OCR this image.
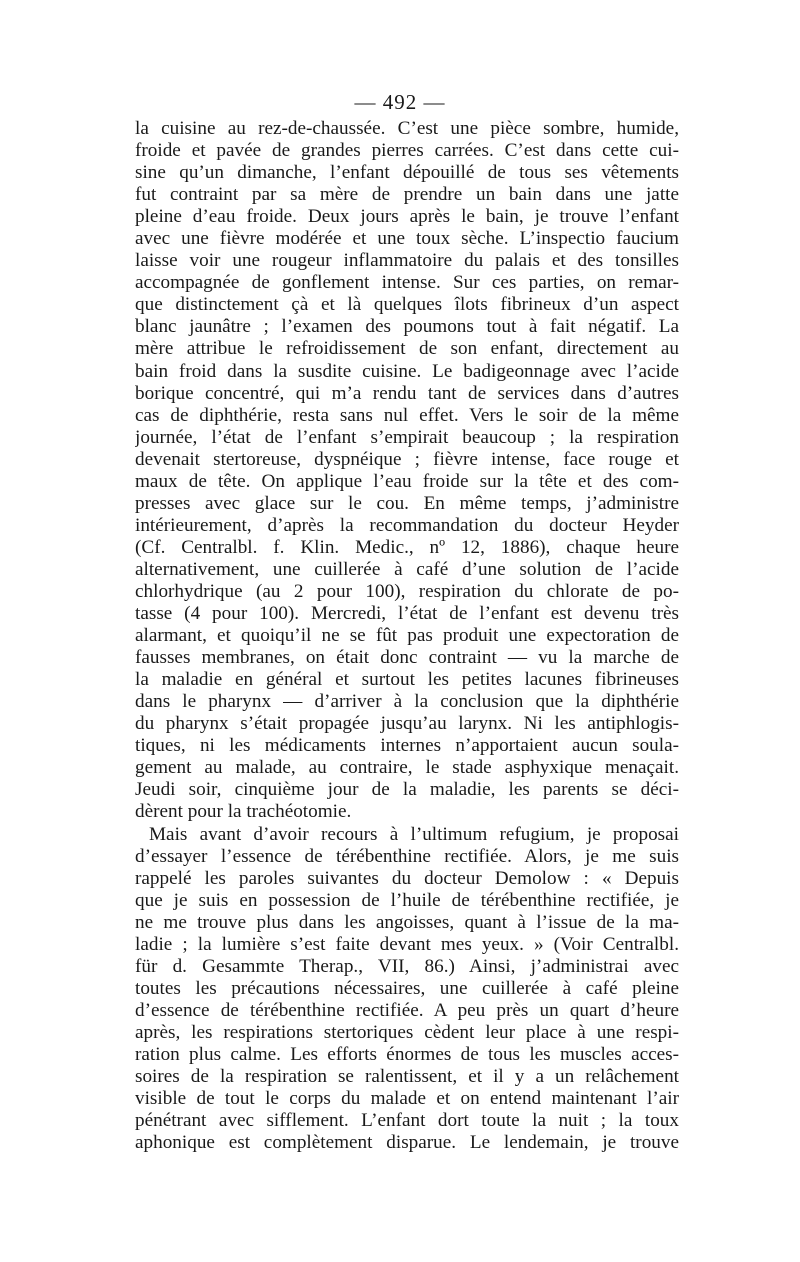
— 492 —
la cuisine au rez-de-chaussée. C’est une pièce sombre, humide,
froide et pavée de grandes pierres carrées. C’est dans cette cui-
sine qu’un dimanche, l’enfant dépouillé de tous ses vêtements
fut contraint par sa mère de prendre un bain dans une jatte
pleine d’eau froide. Deux jours après le bain, je trouve l’enfant
avec une fièvre modérée et une toux sèche. L’inspectio faucium
laisse voir une rougeur inflammatoire du palais et des tonsilles
accompagnée de gonflement intense. Sur ces parties, on remar-
que distinctement çà et là quelques îlots fibrineux d’un aspect
blanc jaunâtre ; l’examen des poumons tout à fait négatif. La
mère attribue le refroidissement de son enfant, directement au
bain froid dans la susdite cuisine. Le badigeonnage avec l’acide
borique concentré, qui m’a rendu tant de services dans d’autres
cas de diphthérie, resta sans nul effet. Vers le soir de la même
journée, l’état de l’enfant s’empirait beaucoup ; la respiration
devenait stertoreuse, dyspnéique ; fièvre intense, face rouge et
maux de tête. On applique l’eau froide sur la tête et des com-
presses avec glace sur le cou. En même temps, j’administre
intérieurement, d’après la recommandation du docteur Heyder
(Cf. Centralbl. f. Klin. Medic., nº 12, 1886), chaque heure
alternativement, une cuillerée à café d’une solution de l’acide
chlorhydrique (au 2 pour 100), respiration du chlorate de po-
tasse (4 pour 100). Mercredi, l’état de l’enfant est devenu très
alarmant, et quoiqu’il ne se fût pas produit une expectoration de
fausses membranes, on était donc contraint — vu la marche de
la maladie en général et surtout les petites lacunes fibrineuses
dans le pharynx — d’arriver à la conclusion que la diphthérie
du pharynx s’était propagée jusqu’au larynx. Ni les antiphlogis-
tiques, ni les médicaments internes n’apportaient aucun soula-
gement au malade, au contraire, le stade asphyxique menaçait.
Jeudi soir, cinquième jour de la maladie, les parents se déci-
dèrent pour la trachéotomie.
Mais avant d’avoir recours à l’ultimum refugium, je proposai
d’essayer l’essence de térébenthine rectifiée. Alors, je me suis
rappelé les paroles suivantes du docteur Demolow : « Depuis
que je suis en possession de l’huile de térébenthine rectifiée, je
ne me trouve plus dans les angoisses, quant à l’issue de la ma-
ladie ; la lumière s’est faite devant mes yeux. » (Voir Centralbl.
für d. Gesammte Therap., VII, 86.) Ainsi, j’administrai avec
toutes les précautions nécessaires, une cuillerée à café pleine
d’essence de térébenthine rectifiée. A peu près un quart d’heure
après, les respirations stertoriques cèdent leur place à une respi-
ration plus calme. Les efforts énormes de tous les muscles acces-
soires de la respiration se ralentissent, et il y a un relâchement
visible de tout le corps du malade et on entend maintenant l’air
pénétrant avec sifflement. L’enfant dort toute la nuit ; la toux
aphonique est complètement disparue. Le lendemain, je trouve
